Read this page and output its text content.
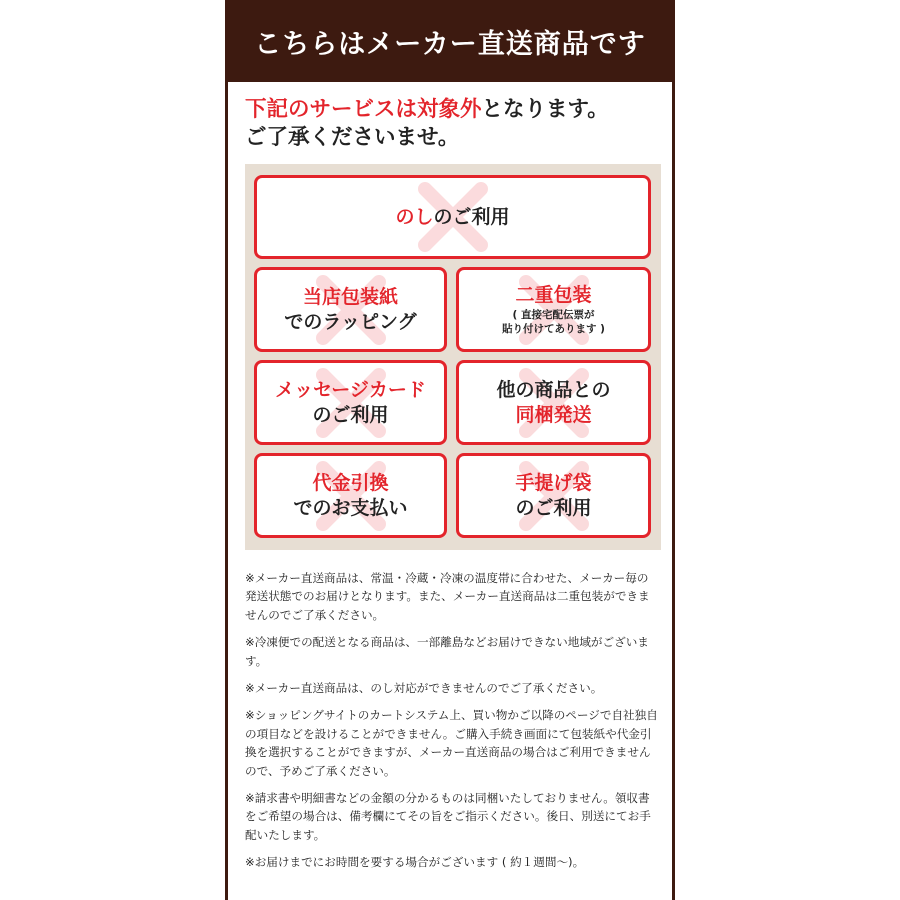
こちらはメーカー直送商品です
下記のサービスは対象外となります。
ご了承くださいませ。
のしのご利用
当店包装紙
でのラッピング
二重包装
( 直接宅配伝票が
貼り付けてあります )
メッセージカード
のご利用
他の商品との
同梱発送
代金引換
でのお支払い
手提げ袋
のご利用

※メーカー直送商品は、常温・冷蔵・冷凍の温度帯に合わせた、メーカー毎の発送状態でのお届けとなります。また、メーカー直送商品は二重包装ができませんのでご了承ください。

※冷凍便での配送となる商品は、一部離島などお届けできない地域がございます。

※メーカー直送商品は、のし対応ができませんのでご了承ください。

※ショッピングサイトのカートシステム上、買い物かご以降のページで自社独自の項目などを設けることができません。ご購入手続き画面にて包装紙や代金引換を選択することができますが、メーカー直送商品の場合はご利用できませんので、予めご了承ください。

※請求書や明細書などの金額の分かるものは同梱いたしておりません。領収書をご希望の場合は、備考欄にてその旨をご指示ください。後日、別送にてお手配いたします。

※お届けまでにお時間を要する場合がございます ( 約１週間〜)。
